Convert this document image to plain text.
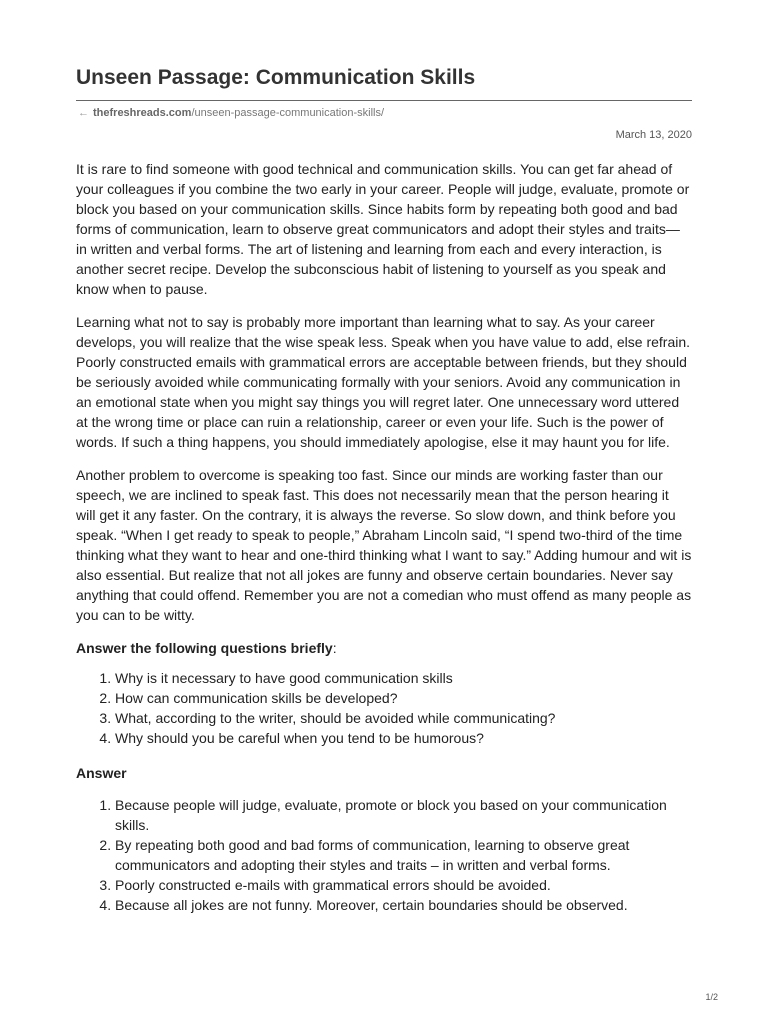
Unseen Passage: Communication Skills
← thefreshreads.com/unseen-passage-communication-skills/
March 13, 2020

It is rare to find someone with good technical and communication skills. You can get far ahead of your colleagues if you combine the two early in your career. People will judge, evaluate, promote or block you based on your communication skills. Since habits form by repeating both good and bad forms of communication, learn to observe great communicators and adopt their styles and traits— in written and verbal forms. The art of listening and learning from each and every interaction, is another secret recipe. Develop the subconscious habit of listening to yourself as you speak and know when to pause.

Learning what not to say is probably more important than learning what to say. As your career develops, you will realize that the wise speak less. Speak when you have value to add, else refrain. Poorly constructed emails with grammatical errors are acceptable between friends, but they should be seriously avoided while communicating formally with your seniors. Avoid any communication in an emotional state when you might say things you will regret later. One unnecessary word uttered at the wrong time or place can ruin a relationship, career or even your life. Such is the power of words. If such a thing happens, you should immediately apologise, else it may haunt you for life.

Another problem to overcome is speaking too fast. Since our minds are working faster than our speech, we are inclined to speak fast. This does not necessarily mean that the person hearing it will get it any faster. On the contrary, it is always the reverse. So slow down, and think before you speak. “When I get ready to speak to people,” Abraham Lincoln said, “I spend two-third of the time thinking what they want to hear and one-third thinking what I want to say.” Adding humour and wit is also essential. But realize that not all jokes are funny and observe certain boundaries. Never say anything that could offend. Remember you are not a comedian who must offend as many people as you can to be witty.

Answer the following questions briefly:
1. Why is it necessary to have good communication skills
2. How can communication skills be developed?
3. What, according to the writer, should be avoided while communicating?
4. Why should you be careful when you tend to be humorous?
Answer
1. Because people will judge, evaluate, promote or block you based on your communication skills.
2. By repeating both good and bad forms of communication, learning to observe great communicators and adopting their styles and traits – in written and verbal forms.
3. Poorly constructed e-mails with grammatical errors should be avoided.
4. Because all jokes are not funny. Moreover, certain boundaries should be observed.
1/2
